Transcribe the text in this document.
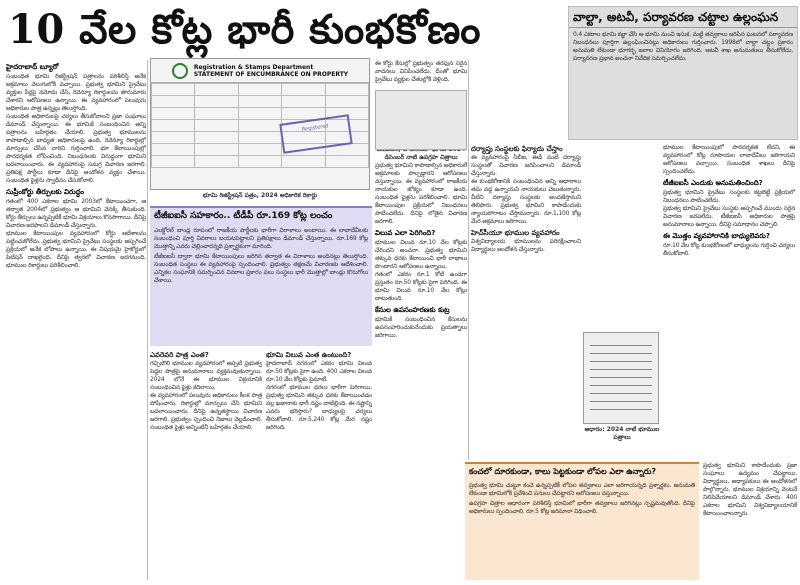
10 వేల కోట్ల భారీ కుంభకోణం	వాల్టా, అటవీ, పర్యావరణ చట్టాల ఉల్లంఘన
0.4 ఎకరాల భూమి కబ్జా చేసి ఆ భూమి నుంచి ఇసుక, మట్టి తవ్వకాలు జరిపిన ఘటనలో పర్యావరణ నిబంధనలు పూర్తిగా ఉల్లంఘించినట్లు అధికారులు గుర్తించారు. 1998లో వాల్టా చట్టం ప్రకారం అనుమతి లేకుండా భూగర్భ జలాల వినియోగం జరిగింది. అటవీ శాఖ అనుమతులు తీసుకోలేదు, పర్యావరణ ప్రభావ అంచనా నివేదిక సమర్పించలేదు.
హైదరాబాద్‌ బ్యూరో
సంబంధిత భూమి రిజిస్ట్రేషన్ పత్రాలను పరిశీలిస్తే అనేక అక్రమాలు వెలుగులోకి వచ్చాయి. ప్రభుత్వ భూమిని ప్రైవేటు వ్యక్తుల పేర్లపై నమోదు చేసి, రెవెన్యూ రికార్డులను తారుమారు చేశారని ఆరోపణలు ఉన్నాయి. ఈ వ్యవహారంలో పలువురు అధికారుల పాత్ర ఉన్నట్లు తెలుస్తోంది.
సంబంధిత అధికారులపై చర్యలు తీసుకోవాలని ప్రజా సంఘాలు డిమాండ్‌ చేస్తున్నాయి. ఈ భూమికి సంబంధించిన అన్ని పత్రాలను బహిర్గతం చేయాలి. ప్రభుత్వ భూములను కాపాడాల్సిన బాధ్యత అధికారులపై ఉంది. రెవెన్యూ రికార్డుల్లో మార్పులు చేసిన వారిని గుర్తించాలి. భూ కేటాయింపుల్లో పారదర్శకత లోపించింది. నిబంధనలకు విరుద్ధంగా భూమిని బదలాయించారు. ఈ వ్యవహారంపై సమగ్ర విచారణ జరగాలి. ప్రతిపక్ష పార్టీలు కూడా దీనిపై ఆందోళన వ్యక్తం చేశాయి. సంబంధిత ఫైళ్లను స్వాధీనం చేసుకోవాలి.
సుప్రీంకోర్టు తీర్పులకు విరుద్ధం
గతంలో 400 ఎకరాల భూమి 2003లో కేటాయించగా, ఆ తర్వాత 2004లో ప్రభుత్వం ఆ భూమిని వెనక్కి తీసుకుంది. కోర్టు తీర్పులు ఉన్నప్పటికీ భూమి విక్రయాలు కొనసాగాయి. దీనిపై విచారణ జరపాలని డిమాండ్‌ చేస్తున్నారు.
భూముల కేటాయింపుల వ్యవహారంలో కోర్టు ఆదేశాలను పట్టించుకోలేదు. ప్రభుత్వ భూమిని ప్రైవేటు సంస్థలకు అప్పగించే ప్రక్రియలో అనేక లోపాలు ఉన్నాయి. ఈ విషయమై హైకోర్టులో పిటిషన్‌ దాఖలైంది. దీనిపై త్వరలో విచారణ జరగనుంది. భూముల రికార్డులు పరిశీలించాలి.
Registration & Stamps Department
STATEMENT OF ENCUMBRANCE ON PROPERTY

Registered
భూమి రిజిస్ట్రేషన్‌ పత్రం, 2024 అధికారిక రికార్డు
టీజీఐఐసీ సహకారం.. టీడీపీ రూ.169 కోట్ల లంచం
ఎలక్టోరల్‌ బాండ్ల రూపంలో రాజకీయ పార్టీలకు భారీగా విరాళాలు అందాయి. ఈ లావాదేవీలకు సంబంధించి పూర్తి వివరాలు బయటపెట్టాలని ప్రతిపక్షాలు డిమాండ్‌ చేస్తున్నాయి. రూ.169 కోట్ల మొత్తాన్ని ఎవరు చెల్లించారన్నది ప్రశ్నార్థకంగా మారింది.
టీజీఐఐసీ ద్వారా భూమి కేటాయింపులు జరిగిన తర్వాత ఈ విరాళాలు అందినట్లు తెలుస్తోంది. సంబంధిత సంస్థలు ఈ వ్యవహారంపై స్పందించాలి. ప్రభుత్వం తక్షణమే విచారణకు ఆదేశించాలి. ఎన్నికల సంఘానికి సమర్పించిన వివరాల ప్రకారం పలు సంస్థలు భారీ మొత్తాల్లో బాండ్లు కొనుగోలు చేశాయి.
ఎవరెవరి పాత్ర ఎంత?
గచ్చిబౌలి భూముల వ్యవహారంలో అప్పటి ప్రభుత్వ పెద్దల పాత్రపై అనుమానాలు వ్యక్తమవుతున్నాయి. 2024 లోనే ఈ భూముల విక్రయానికి సంబంధించిన ఫైళ్లు కదిలాయి.
ఈ వ్యవహారంలో పలువురు అధికారులు కీలక పాత్ర పోషించారు. రికార్డుల్లో మార్పులు చేసి భూమిని బదలాయించారు. దీనిపై ఉన్నతస్థాయి విచారణ జరగాలి. ప్రభుత్వం స్పందించి నిజాలు వెల్లడించాలి. సంబంధిత ఫైళ్లు అన్నింటినీ బహిర్గతం చేయాలి.
భూమి విలువ ఎంత ఉంటుంది?
హైదరాబాద్‌ నగరంలో ఎకరం భూమి విలువ రూ.50 కోట్లకు పైగా ఉంది. 400 ఎకరాల విలువ రూ.10 వేల కోట్లకు పైమాటే.
నగరంలో భూముల ధరలు భారీగా పెరిగాయి. ప్రభుత్వ భూమిని తక్కువ ధరకు కేటాయించడం వల్ల ఖజానాకు భారీ నష్టం వాటిల్లింది. ఈ నష్టాన్ని ఎవరు భరిస్తారు? బాధ్యులపై చర్యలు తీసుకోవాలి. రూ.5,240 కోట్ల మేర నష్టం జరిగింది.
ఈ కోర్టు కేసుల్లో ప్రభుత్వం తరఫున సరైన వాదనలు వినిపించలేదు. దీంతో భూమి ప్రైవేటు వ్యక్తుల చేతుల్లోకి వెళ్లింది.
డిసెంబర్‌ నాటి ఉపగ్రహ చిత్రాలు
ప్రభుత్వ భూమిని కాపాడాల్సిన అధికారులే అక్రమాలకు పాల్పడ్డారని ఆరోపణలు వస్తున్నాయి. ఈ వ్యవహారంలో రాజకీయ నాయకుల జోక్యం కూడా ఉంది. సంబంధిత ఫైళ్లను పరిశీలించాలి. భూమి కేటాయింపుల ప్రక్రియలో నిబంధనలు పాటించలేదు. దీనిపై లోతైన విచారణ జరగాలి.
విలువ ఎలా పెరిగింది?
భూముల విలువ రూ.10 వేల కోట్లకు చేరిందని అంచనా. ప్రభుత్వ భూమిని తక్కువ ధరకు కేటాయించి భారీ లాభాలు పొందారని ఆరోపణలు ఉన్నాయి.
గతంలో ఎకరం రూ.1 కోటి ఉండగా ప్రస్తుతం రూ.50 కోట్లకు పైగా పెరిగింది. ఈ భూమి విలువ రూ.10 వేల కోట్లు దాటుతుంది.
కేసుల ఉపసంహరణకు కుట్ర
భూమికి సంబంధించిన కేసులను ఉపసంహరించుకునేందుకు ప్రయత్నాలు జరిగాయి.
దర్యాప్తు సంస్థలకు ఫిర్యాదు చేస్తాం
ఈ వ్యవహారంపై సీబీఐ, ఈడీ వంటి దర్యాప్తు సంస్థలతో విచారణ జరిపించాలని డిమాండ్‌ చేస్తున్నారు.
ఈ కుంభకోణానికి సంబంధించిన అన్ని ఆధారాలు తమ వద్ద ఉన్నాయని నాయకులు చెబుతున్నారు. వీటిని దర్యాప్తు సంస్థలకు అందజేస్తామని తెలిపారు. ప్రభుత్వ భూమిని కాపాడేందుకు న్యాయపోరాటం చేస్తామన్నారు. రూ.1,100 కోట్ల మేర అక్రమాలు జరిగాయి.
హెచ్‌సీయూ భూముల వ్యవహారం
విశ్వవిద్యాలయ భూములను పరిరక్షించాలని విద్యార్థులు ఆందోళన చేస్తున్నారు.
భూముల కేటాయింపులో పారదర్శకత లేదని, ఈ వ్యవహారంలో కోట్ల రూపాయల లావాదేవీలు జరిగాయని ఆరోపణలు వచ్చాయి. సంబంధిత శాఖలు దీనిపై స్పందించలేదు.
టీజీఐఐసీ ఎందుకు అనుమతించింది?
ప్రభుత్వ భూమిని ప్రైవేటు సంస్థలకు కట్టబెట్టే ప్రక్రియలో నిబంధనలు పాటించలేదు.
ప్రభుత్వ భూమిని ప్రైవేటు సంస్థకు అప్పగించే ముందు సరైన విచారణ జరపలేదు. టీజీఐఐసీ అధికారుల పాత్రపై అనుమానాలు ఉన్నాయి. దీనిపై సమాధానం చెప్పాలి.
ఈ మొత్తం వ్యవహారానికి బాధ్యులెవరు?
రూ.10 వేల కోట్ల కుంభకోణంలో బాధ్యులను గుర్తించి చర్యలు తీసుకోవాలి.
ఆధారం: 2024 నాటి భూముల పత్రాలు
ప్రభుత్వ భూమిని కాపాడేందుకు ప్రజా సంఘాలు ఉద్యమం చేపట్టాయి. విద్యార్థులు, అధ్యాపకులు ఈ ఆందోళనలో పాల్గొన్నారు. భూముల విక్రయాన్ని వెంటనే నిలిపివేయాలని డిమాండ్‌ చేశారు. 400 ఎకరాల భూమిని విశ్వవిద్యాలయానికే కేటాయించాలన్నారు.
కంచలో దూరకుండా, కాలు పెట్టకుండా లోపల ఎలా ఉన్నారు?
ప్రభుత్వ భూమి చుట్టూ కంచె ఉన్నప్పటికీ లోపల తవ్వకాలు ఎలా జరిగాయన్నది ప్రశ్నార్థకం. అనుమతి లేకుండా భూమిలోకి ప్రవేశించి పనులు చేపట్టారని ఆరోపణలు వస్తున్నాయి.
ఉపగ్రహ చిత్రాల ఆధారంగా పరిశీలిస్తే భూమిలో భారీగా తవ్వకాలు జరిగినట్లు స్పష్టమవుతోంది. దీనిపై అధికారులు స్పందించాలి. రూ.5 కోట్ల జరిమానా విధించాలి.
